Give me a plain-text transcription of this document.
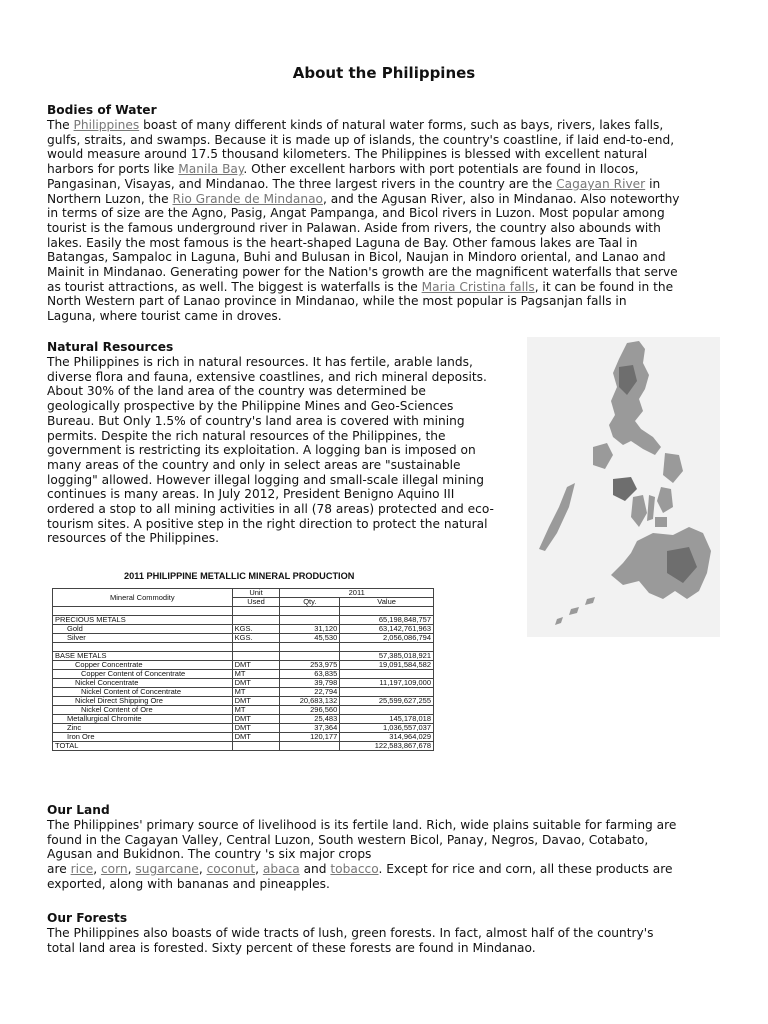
About the Philippines
Bodies of Water
The Philippines boast of many different kinds of natural water forms, such as bays, rivers, lakes falls,
gulfs, straits, and swamps. Because it is made up of islands, the country's coastline, if laid end-to-end,
would measure around 17.5 thousand kilometers. The Philippines is blessed with excellent natural
harbors for ports like Manila Bay. Other excellent harbors with port potentials are found in Ilocos,
Pangasinan, Visayas, and Mindanao. The three largest rivers in the country are the Cagayan River in
Northern Luzon, the Rio Grande de Mindanao, and the Agusan River, also in Mindanao. Also noteworthy
in terms of size are the Agno, Pasig, Angat Pampanga, and Bicol rivers in Luzon. Most popular among
tourist is the famous underground river in Palawan. Aside from rivers, the country also abounds with
lakes. Easily the most famous is the heart-shaped Laguna de Bay. Other famous lakes are Taal in
Batangas, Sampaloc in Laguna, Buhi and Bulusan in Bicol, Naujan in Mindoro oriental, and Lanao and
Mainit in Mindanao. Generating power for the Nation's growth are the magnificent waterfalls that serve
as tourist attractions, as well. The biggest is waterfalls is the Maria Cristina falls, it can be found in the
North Western part of Lanao province in Mindanao, while the most popular is Pagsanjan falls in
Laguna, where tourist came in droves.
Natural Resources
The Philippines is rich in natural resources. It has fertile, arable lands,
diverse flora and fauna, extensive coastlines, and rich mineral deposits.
About 30% of the land area of the country was determined be
geologically prospective by the Philippine Mines and Geo-Sciences
Bureau. But Only 1.5% of country's land area is covered with mining
permits. Despite the rich natural resources of the Philippines, the
government is restricting its exploitation. A logging ban is imposed on
many areas of the country and only in select areas are "sustainable
logging" allowed. However illegal logging and small-scale illegal mining
continues is many areas. In July 2012, President Benigno Aquino III
ordered a stop to all mining activities in all (78 areas) protected and eco-
tourism sites. A positive step in the right direction to protect the natural
resources of the Philippines.
2011 PHILIPPINE METALLIC MINERAL PRODUCTION
Mineral Commodity	Unit	2011	
	Used	Qty.	Value

PRECIOUS METALS			65,198,848,757
Gold	KGS.	31,120	63,142,761,963
Silver	KGS.	45,530	2,056,086,794

BASE METALS			57,385,018,921
Copper Concentrate	DMT	253,975	19,091,584,582
Copper Content of Concentrate	MT	63,835	
Nickel Concentrate	DMT	39,798	11,197,109,000
Nickel Content of Concentrate	MT	22,794	
Nickel Direct Shipping Ore	DMT	20,683,132	25,599,627,255
Nickel Content of Ore	MT	296,560	
Metallurgical Chromite	DMT	25,483	145,178,018
Zinc	DMT	37,364	1,036,557,037
Iron Ore	DMT	120,177	314,964,029
TOTAL			122,583,867,678
Our Land
The Philippines' primary source of livelihood is its fertile land. Rich, wide plains suitable for farming are
found in the Cagayan Valley, Central Luzon, South western Bicol, Panay, Negros, Davao, Cotabato,
Agusan and Bukidnon. The country 's six major crops
are rice, corn, sugarcane, coconut, abaca and tobacco. Except for rice and corn, all these products are
exported, along with bananas and pineapples.
Our Forests
The Philippines also boasts of wide tracts of lush, green forests. In fact, almost half of the country's
total land area is forested. Sixty percent of these forests are found in Mindanao.
